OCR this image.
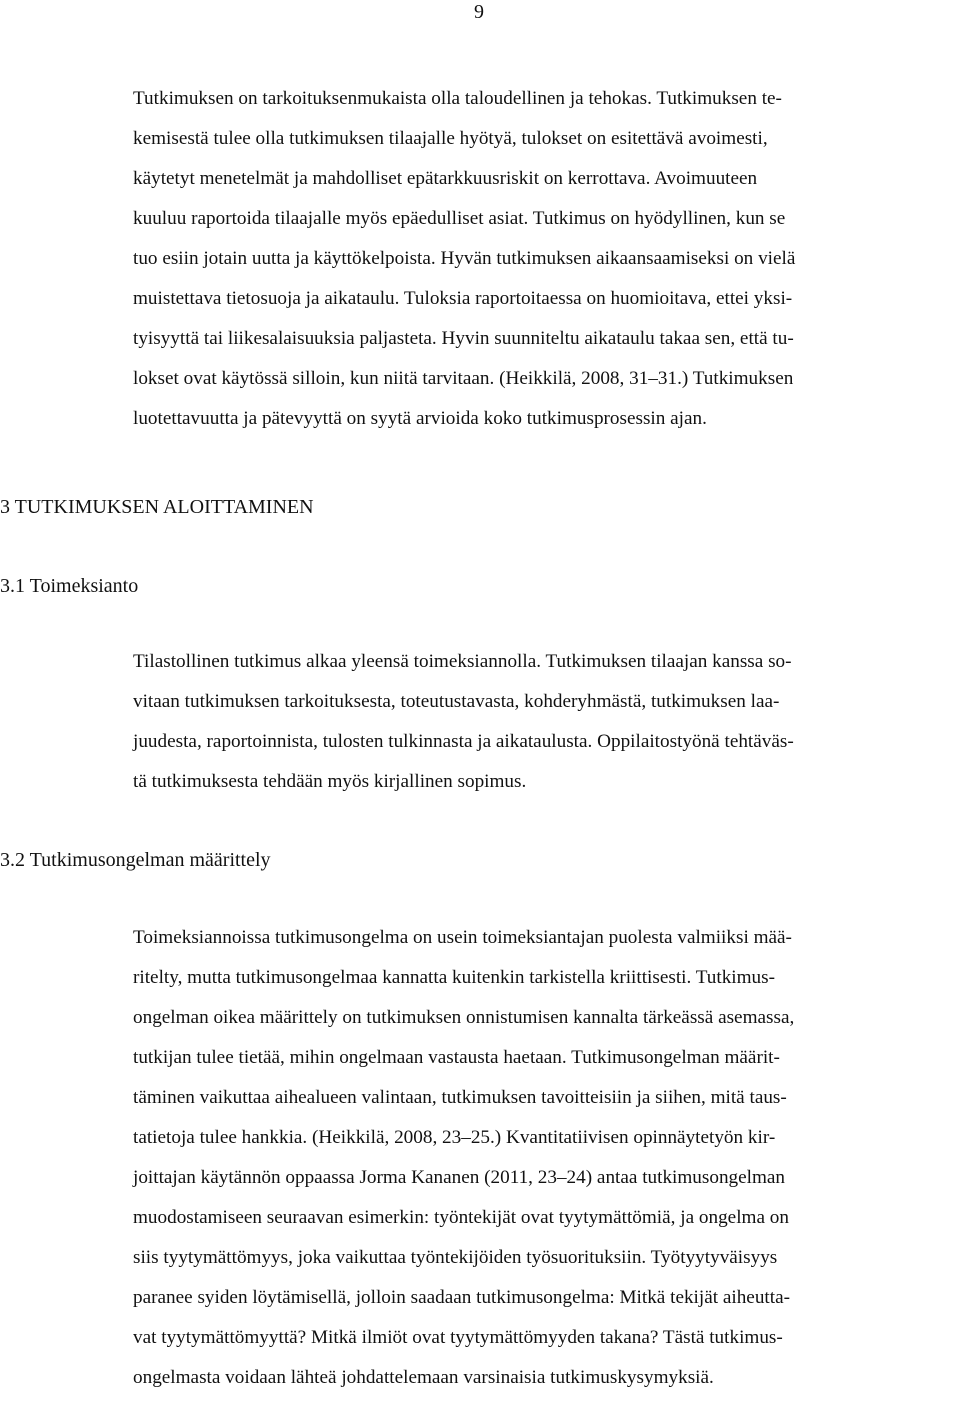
9
Tutkimuksen on tarkoituksenmukaista olla taloudellinen ja tehokas. Tutkimuksen te-
kemisestä tulee olla tutkimuksen tilaajalle hyötyä, tulokset on esitettävä avoimesti,
käytetyt menetelmät ja mahdolliset epätarkkuusriskit on kerrottava. Avoimuuteen
kuuluu raportoida tilaajalle myös epäedulliset asiat. Tutkimus on hyödyllinen, kun se
tuo esiin jotain uutta ja käyttökelpoista. Hyvän tutkimuksen aikaansaamiseksi on vielä
muistettava tietosuoja ja aikataulu. Tuloksia raportoitaessa on huomioitava, ettei yksi-
tyisyyttä tai liikesalaisuuksia paljasteta. Hyvin suunniteltu aikataulu takaa sen, että tu-
lokset ovat käytössä silloin, kun niitä tarvitaan. (Heikkilä, 2008, 31–31.) Tutkimuksen
luotettavuutta ja pätevyyttä on syytä arvioida koko tutkimusprosessin ajan.
3 TUTKIMUKSEN ALOITTAMINEN
3.1 Toimeksianto
Tilastollinen tutkimus alkaa yleensä toimeksiannolla. Tutkimuksen tilaajan kanssa so-
vitaan tutkimuksen tarkoituksesta, toteutustavasta, kohderyhmästä, tutkimuksen laa-
juudesta, raportoinnista, tulosten tulkinnasta ja aikataulusta. Oppilaitostyönä tehtäväs-
tä tutkimuksesta tehdään myös kirjallinen sopimus.
3.2 Tutkimusongelman määrittely
Toimeksiannoissa tutkimusongelma on usein toimeksiantajan puolesta valmiiksi mää-
ritelty, mutta tutkimusongelmaa kannatta kuitenkin tarkistella kriittisesti. Tutkimus-
ongelman oikea määrittely on tutkimuksen onnistumisen kannalta tärkeässä asemassa,
tutkijan tulee tietää, mihin ongelmaan vastausta haetaan. Tutkimusongelman määrit-
täminen vaikuttaa aihealueen valintaan, tutkimuksen tavoitteisiin ja siihen, mitä taus-
tatietoja tulee hankkia. (Heikkilä, 2008, 23–25.) Kvantitatiivisen opinnäytetyön kir-
joittajan käytännön oppaassa Jorma Kananen (2011, 23–24) antaa tutkimusongelman
muodostamiseen seuraavan esimerkin: työntekijät ovat tyytymättömiä, ja ongelma on
siis tyytymättömyys, joka vaikuttaa työntekijöiden työsuorituksiin. Työtyytyväisyys
paranee syiden löytämisellä, jolloin saadaan tutkimusongelma: Mitkä tekijät aiheutta-
vat tyytymättömyyttä? Mitkä ilmiöt ovat tyytymättömyyden takana? Tästä tutkimus-
ongelmasta voidaan lähteä johdattelemaan varsinaisia tutkimuskysymyksiä.
